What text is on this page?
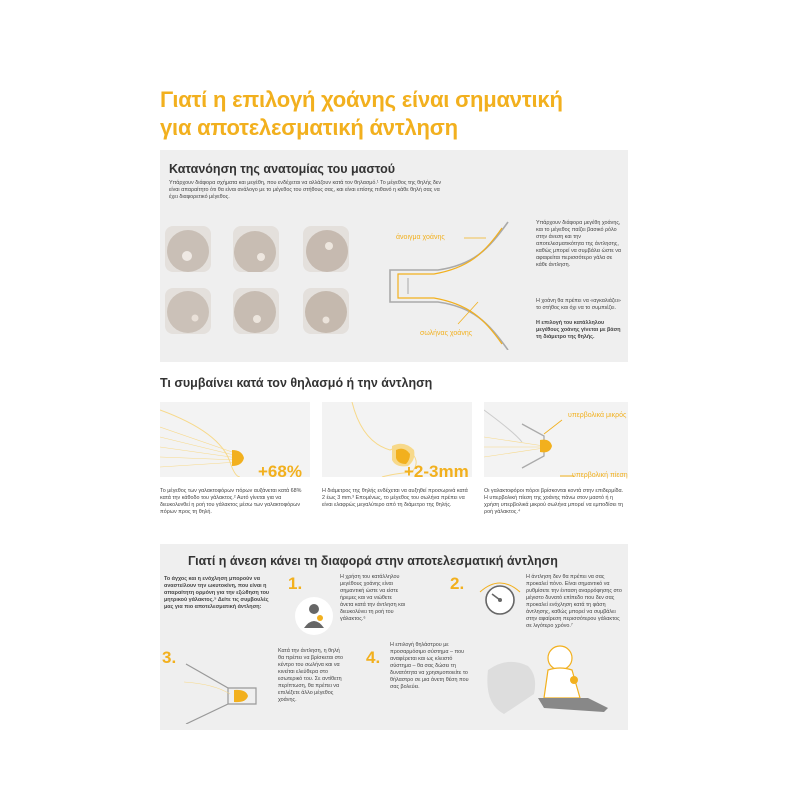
Γιατί η επιλογή χοάνης είναι σημαντική
για αποτελεσματική άντληση
Κατανόηση της ανατομίας του μαστού
Υπάρχουν διάφορα σχήματα και μεγέθη, που ενδέχεται να αλλάζουν κατά τον θηλασμό.¹ Το μέγεθος της θηλής δεν είναι απαραίτητο ότι θα είναι ανάλογο με το μέγεθος του στήθους σας, και είναι επίσης πιθανό η κάθε θηλή σας να έχει διαφορετικό μέγεθος.
άνοιγμα χοάνης
σωλήνας χοάνης
Υπάρχουν διάφορα μεγέθη χοάνης, και το μέγεθος παίζει βασικό ρόλο στην άνεση και την αποτελεσματικότητα της άντλησης, καθώς μπορεί να συμβάλει ώστε να αφαιρείται περισσότερο γάλα σε κάθε άντληση.
Η χοάνη θα πρέπει να «αγκαλιάζει» το στήθος και όχι να το συμπιέζει.
Η επιλογή του κατάλληλου μεγέθους χοάνης γίνεται με βάση τη διάμετρο της θηλής.
Τι συμβαίνει κατά τον θηλασμό ή την άντληση
+68%	+2-3mm
υπερβολικά μικρός
υπερβολική πίεση
Το μέγεθος των γαλακτοφόρων πόρων αυξάνεται κατά 68% κατά την κάθοδο του γάλακτος.² Αυτό γίνεται για να διευκολυνθεί η ροή του γάλακτος μέσω των γαλακτοφόρων πόρων προς τη θηλή.
Η διάμετρος της θηλής ενδέχεται να αυξηθεί προσωρινά κατά 2 έως 3 mm.³ Επομένως, το μέγεθος του σωλήνα πρέπει να είναι ελαφρώς μεγαλύτερο από τη διάμετρο της θηλής.
Οι γαλακτοφόροι πόροι βρίσκονται κοντά στην επιδερμίδα. Η υπερβολική πίεση της χοάνης πάνω στον μαστό ή η χρήση υπερβολικά μικρού σωλήνα μπορεί να εμποδίσει τη ροή γάλακτος.⁴
Γιατί η άνεση κάνει τη διαφορά στην αποτελεσματική άντληση
Το άγχος και η ενόχληση μπορούν να αναστείλουν την ωκυτοκίνη, που είναι η απαραίτητη ορμόνη για την εξώθηση του μητρικού γάλακτος.⁵ Δείτε τις συμβουλές μας για πιο αποτελεσματική άντληση:
1.	Η χρήση του κατάλληλου μεγέθους χοάνης είναι σημαντική ώστε να είστε ήρεμες και να νιώθετε άνετα κατά την άντληση και διευκολύνει τη ροή του γάλακτος.⁶
2.	Η άντληση δεν θα πρέπει να σας προκαλεί πόνο. Είναι σημαντικό να ρυθμίσετε την ένταση αναρρόφησης στο μέγιστο δυνατό επίπεδο που δεν σας προκαλεί ενόχληση κατά τη φάση άντλησης, καθώς μπορεί να συμβάλει στην αφαίρεση περισσότερου γάλακτος σε λιγότερο χρόνο.⁷
3.	Κατά την άντληση, η θηλή θα πρέπει να βρίσκεται στο κέντρο του σωλήνα και να κινείται ελεύθερα στο εσωτερικό του. Σε αντίθετη περίπτωση, θα πρέπει να επιλέξετε άλλο μέγεθος χοάνης.
4.
Η επιλογή θηλάστρου με προσαρμόσιμο σύστημα – που αναφέρεται και ως κλειστό σύστημα – θα σας δώσει τη δυνατότητα να χρησιμοποιείτε το θήλαστρο σε μια άνετη θέση που σας βολεύει.
